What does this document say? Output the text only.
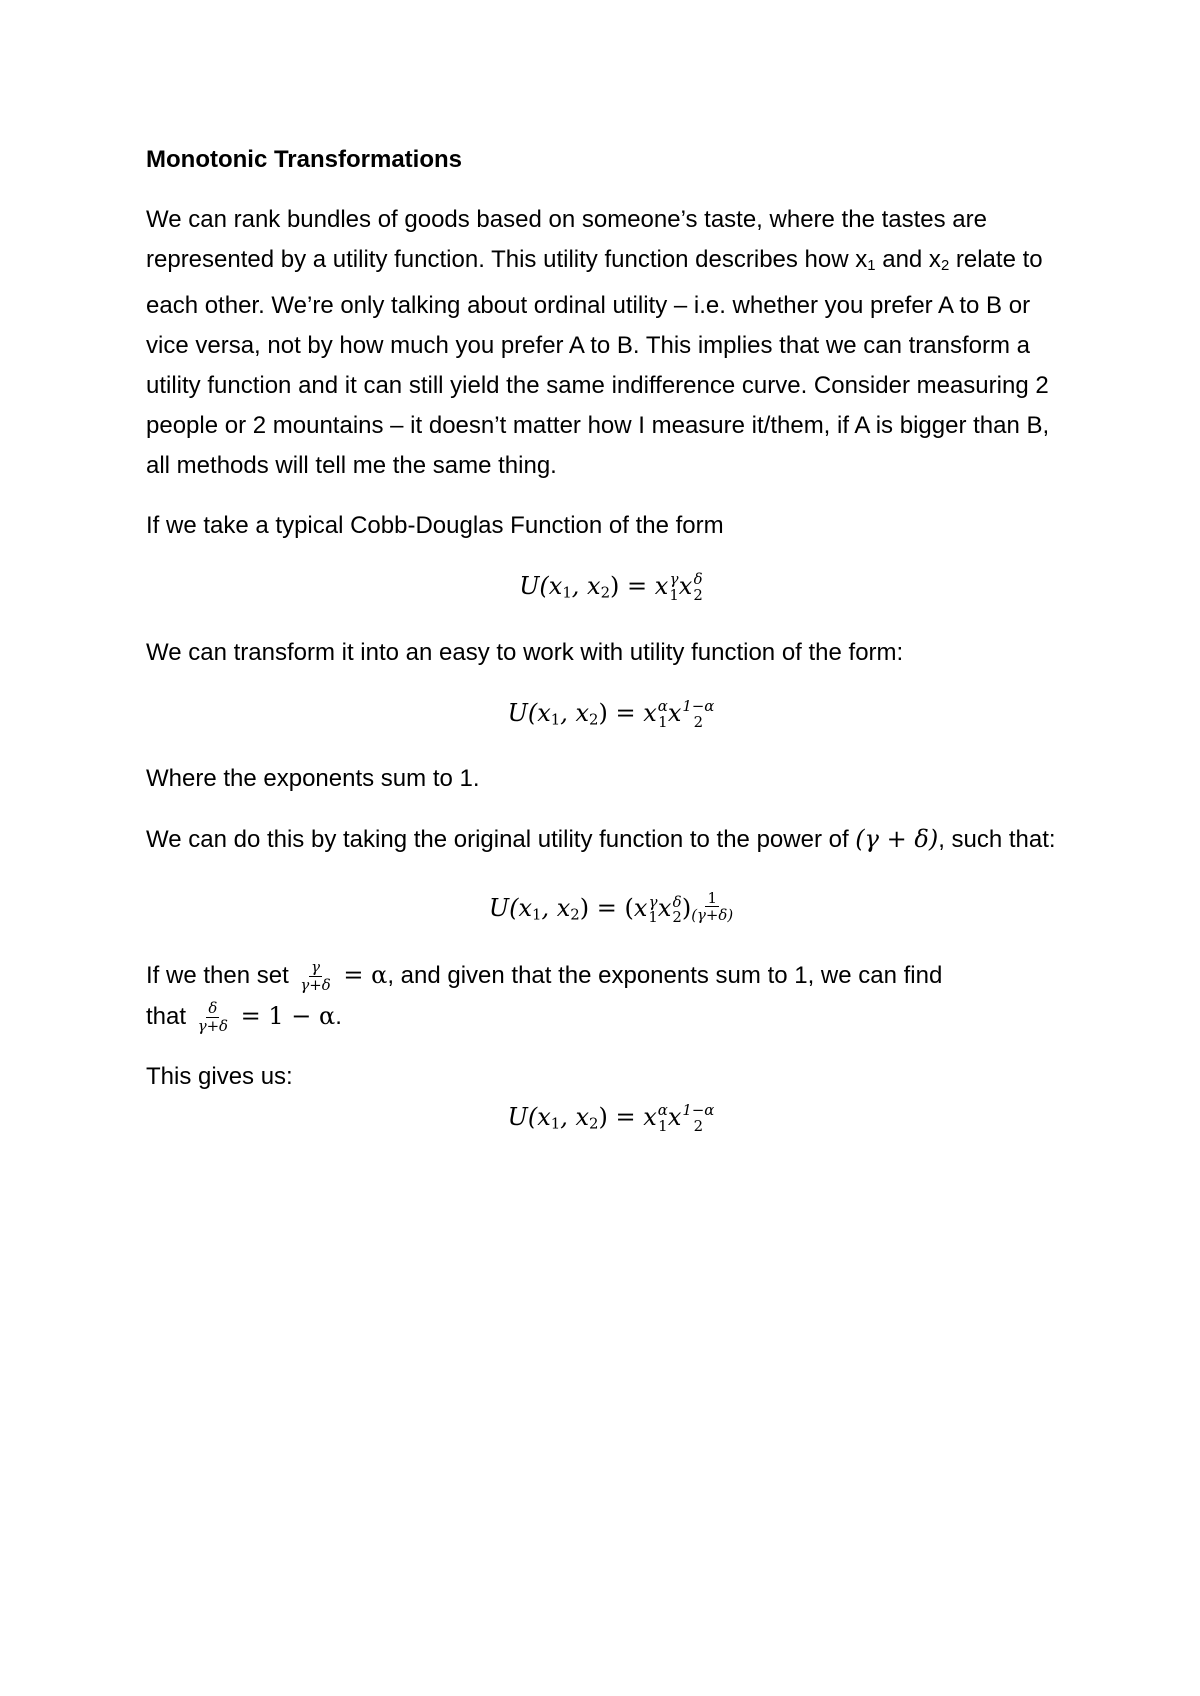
Monotonic Transformations
We can rank bundles of goods based on someone’s taste, where the tastes are represented by a utility function. This utility function describes how x1 and x2 relate to each other. We’re only talking about ordinal utility – i.e. whether you prefer A to B or vice versa, not by how much you prefer A to B. This implies that we can transform a utility function and it can still yield the same indifference curve. Consider measuring 2 people or 2 mountains – it doesn’t matter how I measure it/them, if A is bigger than B, all methods will tell me the same thing.
If we take a typical Cobb-Douglas Function of the form
$U(x_1$, $x_2) = x$ γ
1 x δ
2
We can transform it into an easy to work with utility function of the form:
$U(x_1$, $x_2) = x$ α
1 x 1−α
2
Where the exponents sum to 1.
We can do this by taking the original utility function to the power of (γ + δ), such that:
$U(x_1$, $x_2) = (x$ γ
1 x δ
2 ) $\frac{1}{(\gamma+\delta)}$
If we then set $\frac{\gamma}{\gamma+\delta} = \alpha$, and given that the exponents sum to 1, we can find
that $\frac{\delta}{\gamma+\delta} = 1 - \alpha$.
This gives us:
$U(x_1$, $x_2) = x$ α
1 x 1−α
2
